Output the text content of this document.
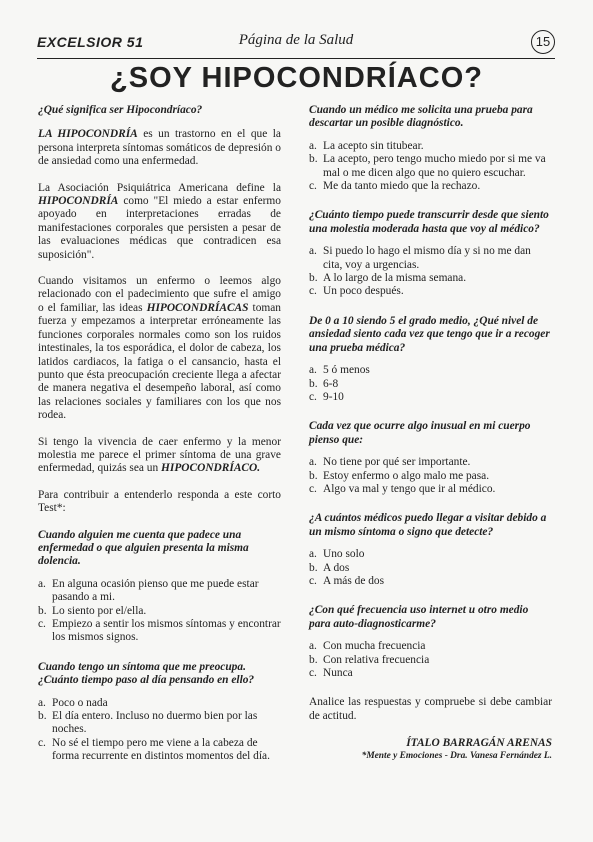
EXCELSIOR 51	Página de la Salud	15
¿SOY HIPOCONDRÍACO?
¿Qué significa ser Hipocondríaco?
LA HIPOCONDRÍA es un trastorno en el que la persona interpreta síntomas somáticos de depresión o de ansiedad como una enfermedad.
La Asociación Psiquiátrica Americana define la HIPOCONDRÍA como "El miedo a estar enfermo apoyado en interpretaciones erradas de manifestaciones corporales que persisten a pesar de las evaluaciones médicas que contradicen esa suposición".
Cuando visitamos un enfermo o leemos algo relacionado con el padecimiento que sufre el amigo o el familiar, las ideas HIPOCONDRÍACAS toman fuerza y empezamos a interpretar erróneamente las funciones corporales normales como son los ruidos intestinales, la tos esporádica, el dolor de cabeza, los latidos cardiacos, la fatiga o el cansancio, hasta el punto que ésta preocupación creciente llega a afectar de manera negativa el desempeño laboral, así como las relaciones sociales y familiares con los que nos rodea.
Si tengo la vivencia de caer enfermo y la menor molestia me parece el primer síntoma de una grave enfermedad, quizás sea un HIPOCONDRÍACO.
Para contribuir a entenderlo responda a este corto Test*:
Cuando alguien me cuenta que padece una enfermedad o que alguien presenta la misma dolencia.
a. En alguna ocasión pienso que me puede estar pasando a mi.
b. Lo siento por el/ella.
c. Empiezo a sentir los mismos síntomas y encontrar los mismos signos.
Cuando tengo un síntoma que me preocupa. ¿Cuánto tiempo paso al día pensando en ello?
a. Poco o nada
b. El día entero. Incluso no duermo bien por las noches.
c. No sé el tiempo pero me viene a la cabeza de forma recurrente en distintos momentos del día.
Cuando un médico me solicita una prueba para descartar un posible diagnóstico.
a. La acepto sin titubear.
b. La acepto, pero tengo mucho miedo por si me va mal o me dicen algo que no quiero escuchar.
c. Me da tanto miedo que la rechazo.
¿Cuánto tiempo puede transcurrir desde que siento una molestia moderada hasta que voy al médico?
a. Si puedo lo hago el mismo día y si no me dan cita, voy a urgencias.
b. A lo largo de la misma semana.
c. Un poco después.
De 0 a 10 siendo 5 el grado medio, ¿Qué nivel de ansiedad siento cada vez que tengo que ir a recoger una prueba médica?
a. 5 ó menos
b. 6-8
c. 9-10
Cada vez que ocurre algo inusual en mi cuerpo pienso que:
a. No tiene por qué ser importante.
b. Estoy enfermo o algo malo me pasa.
c. Algo va mal y tengo que ir al médico.
¿A cuántos médicos puedo llegar a visitar debido a un mismo síntoma o signo que detecte?
a. Uno solo
b. A dos
c. A más de dos
¿Con qué frecuencia uso internet u otro medio para auto-diagnosticarme?
a. Con mucha frecuencia
b. Con relativa frecuencia
c. Nunca
Analice las respuestas y compruebe si debe cambiar de actitud.
ÍTALO BARRAGÁN ARENAS
*Mente y Emociones - Dra. Vanesa Fernández L.
